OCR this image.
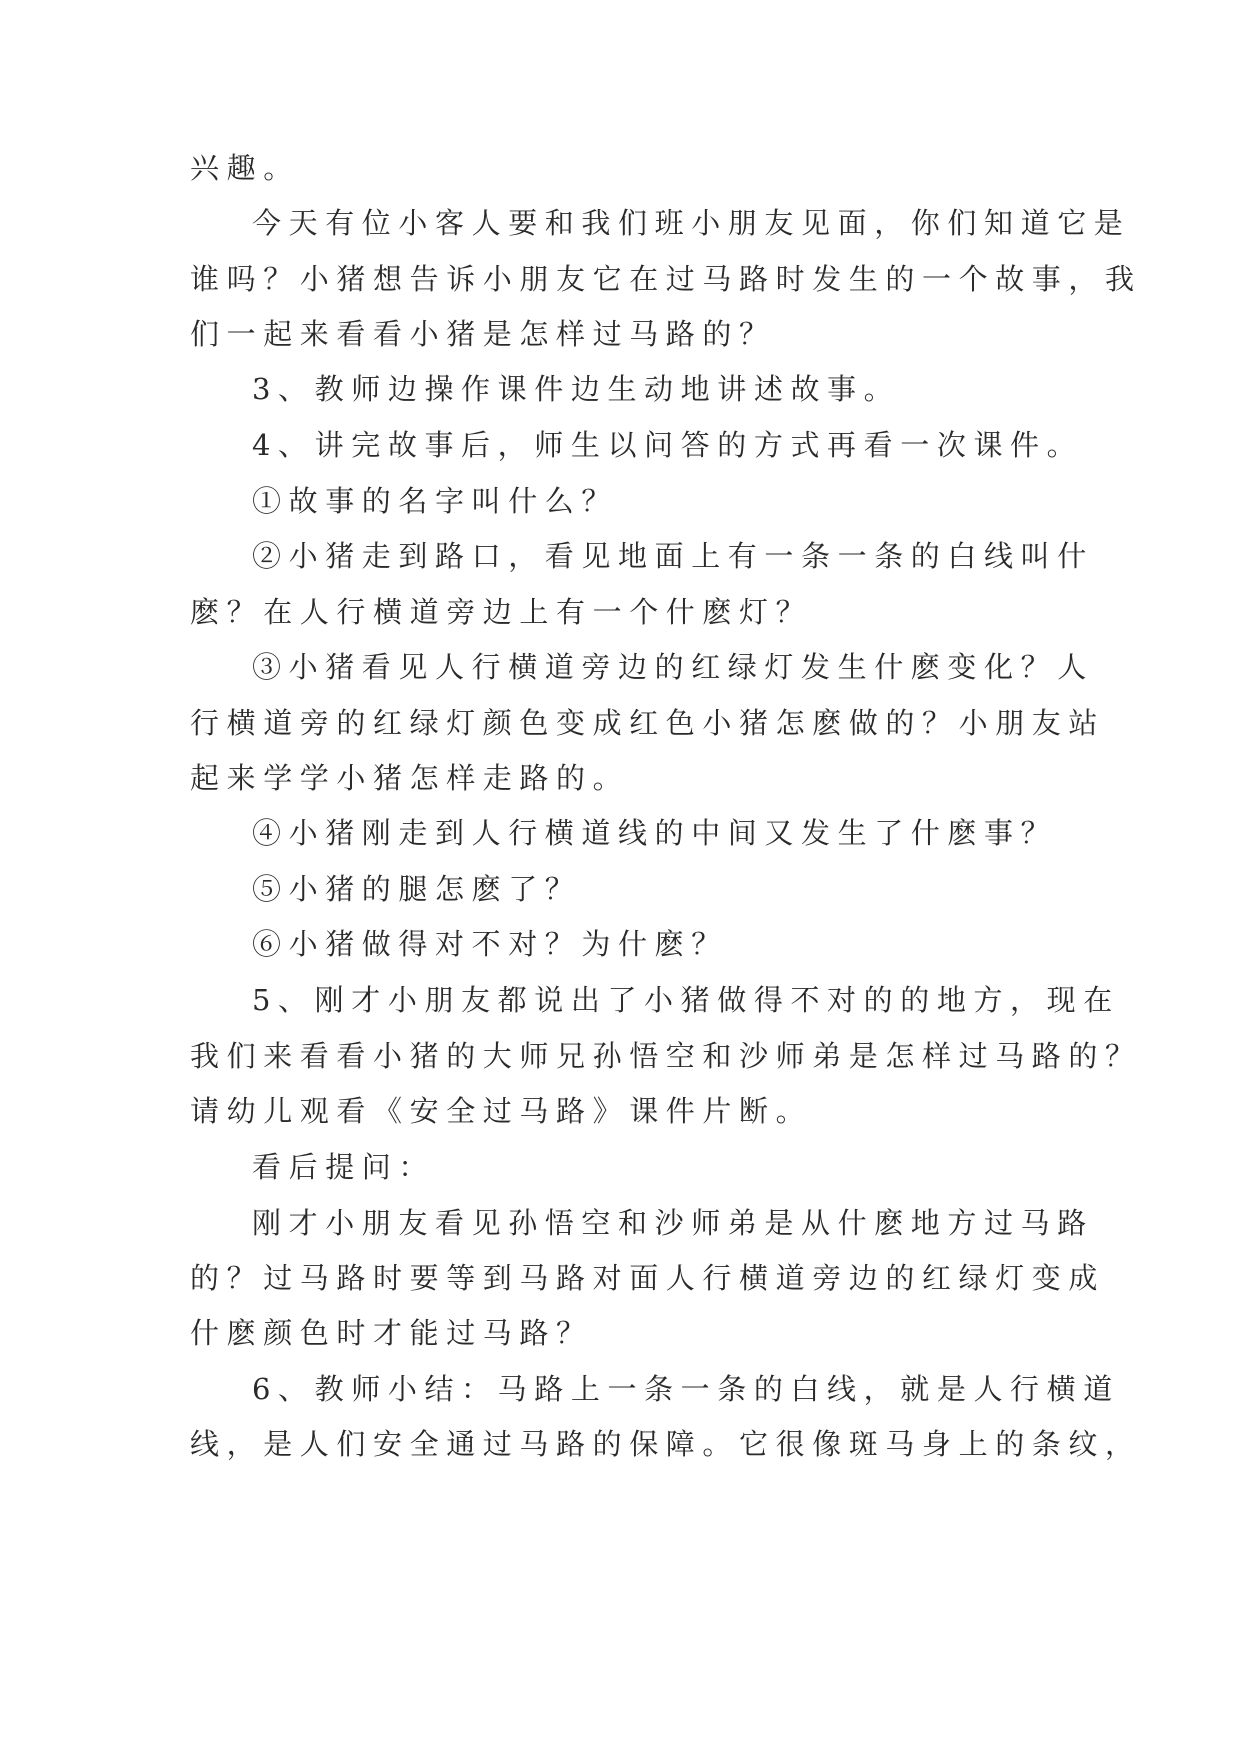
兴趣。
今天有位小客人要和我们班小朋友见面，你们知道它是
谁吗？小猪想告诉小朋友它在过马路时发生的一个故事，我
们一起来看看小猪是怎样过马路的？
3、教师边操作课件边生动地讲述故事。
4、讲完故事后，师生以问答的方式再看一次课件。
①故事的名字叫什么？
②小猪走到路口，看见地面上有一条一条的白线叫什
麽？在人行横道旁边上有一个什麽灯？
③小猪看见人行横道旁边的红绿灯发生什麽变化？人
行横道旁的红绿灯颜色变成红色小猪怎麽做的？小朋友站
起来学学小猪怎样走路的。
④小猪刚走到人行横道线的中间又发生了什麽事？
⑤小猪的腿怎麽了？
⑥小猪做得对不对？为什麽？
5、刚才小朋友都说出了小猪做得不对的的地方，现在
我们来看看小猪的大师兄孙悟空和沙师弟是怎样过马路的？
请幼儿观看《安全过马路》课件片断。
看后提问：
刚才小朋友看见孙悟空和沙师弟是从什麽地方过马路
的？过马路时要等到马路对面人行横道旁边的红绿灯变成
什麽颜色时才能过马路？
6、教师小结：马路上一条一条的白线，就是人行横道
线，是人们安全通过马路的保障。它很像斑马身上的条纹，
